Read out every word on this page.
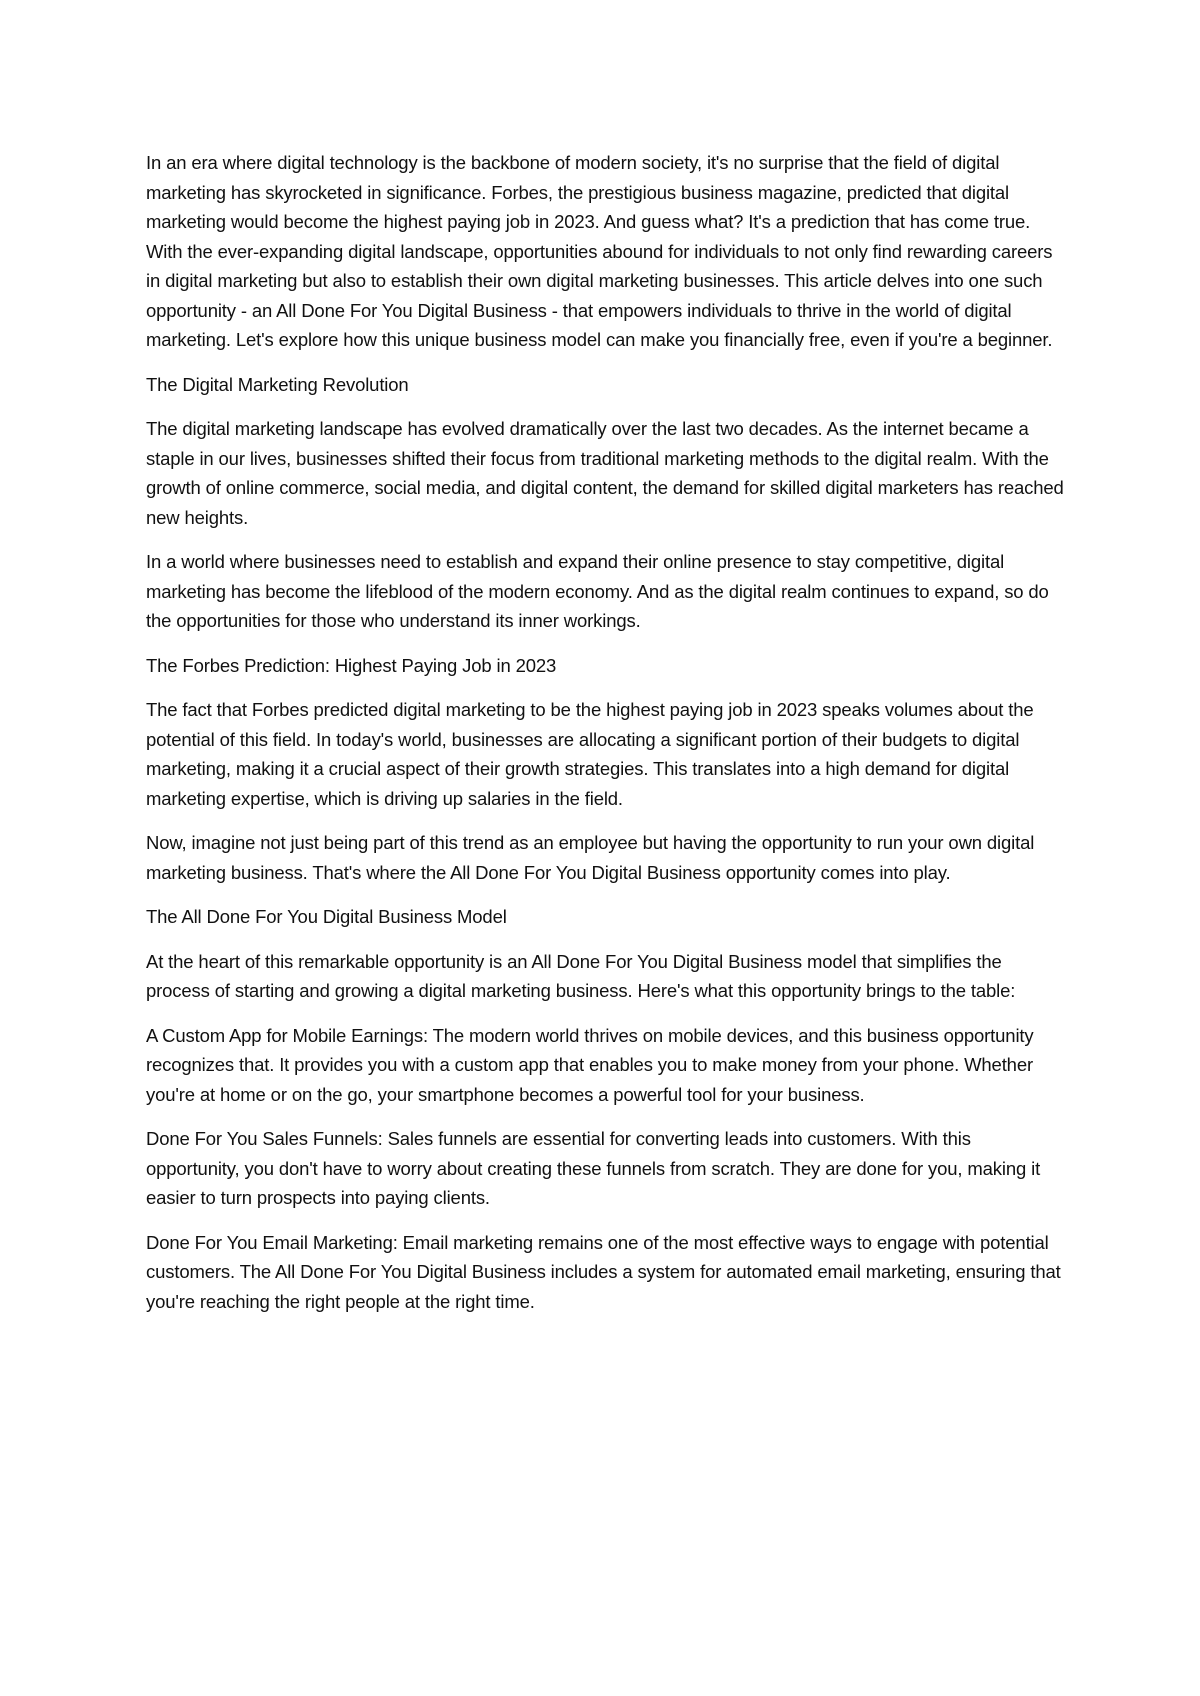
In an era where digital technology is the backbone of modern society, it's no surprise that the field of digital marketing has skyrocketed in significance. Forbes, the prestigious business magazine, predicted that digital marketing would become the highest paying job in 2023. And guess what? It's a prediction that has come true. With the ever-expanding digital landscape, opportunities abound for individuals to not only find rewarding careers in digital marketing but also to establish their own digital marketing businesses. This article delves into one such opportunity - an All Done For You Digital Business - that empowers individuals to thrive in the world of digital marketing. Let's explore how this unique business model can make you financially free, even if you're a beginner.

The Digital Marketing Revolution

The digital marketing landscape has evolved dramatically over the last two decades. As the internet became a staple in our lives, businesses shifted their focus from traditional marketing methods to the digital realm. With the growth of online commerce, social media, and digital content, the demand for skilled digital marketers has reached new heights.

In a world where businesses need to establish and expand their online presence to stay competitive, digital marketing has become the lifeblood of the modern economy. And as the digital realm continues to expand, so do the opportunities for those who understand its inner workings.

The Forbes Prediction: Highest Paying Job in 2023

The fact that Forbes predicted digital marketing to be the highest paying job in 2023 speaks volumes about the potential of this field. In today's world, businesses are allocating a significant portion of their budgets to digital marketing, making it a crucial aspect of their growth strategies. This translates into a high demand for digital marketing expertise, which is driving up salaries in the field.

Now, imagine not just being part of this trend as an employee but having the opportunity to run your own digital marketing business. That's where the All Done For You Digital Business opportunity comes into play.

The All Done For You Digital Business Model

At the heart of this remarkable opportunity is an All Done For You Digital Business model that simplifies the process of starting and growing a digital marketing business. Here's what this opportunity brings to the table:

A Custom App for Mobile Earnings: The modern world thrives on mobile devices, and this business opportunity recognizes that. It provides you with a custom app that enables you to make money from your phone. Whether you're at home or on the go, your smartphone becomes a powerful tool for your business.

Done For You Sales Funnels: Sales funnels are essential for converting leads into customers. With this opportunity, you don't have to worry about creating these funnels from scratch. They are done for you, making it easier to turn prospects into paying clients.

Done For You Email Marketing: Email marketing remains one of the most effective ways to engage with potential customers. The All Done For You Digital Business includes a system for automated email marketing, ensuring that you're reaching the right people at the right time.
